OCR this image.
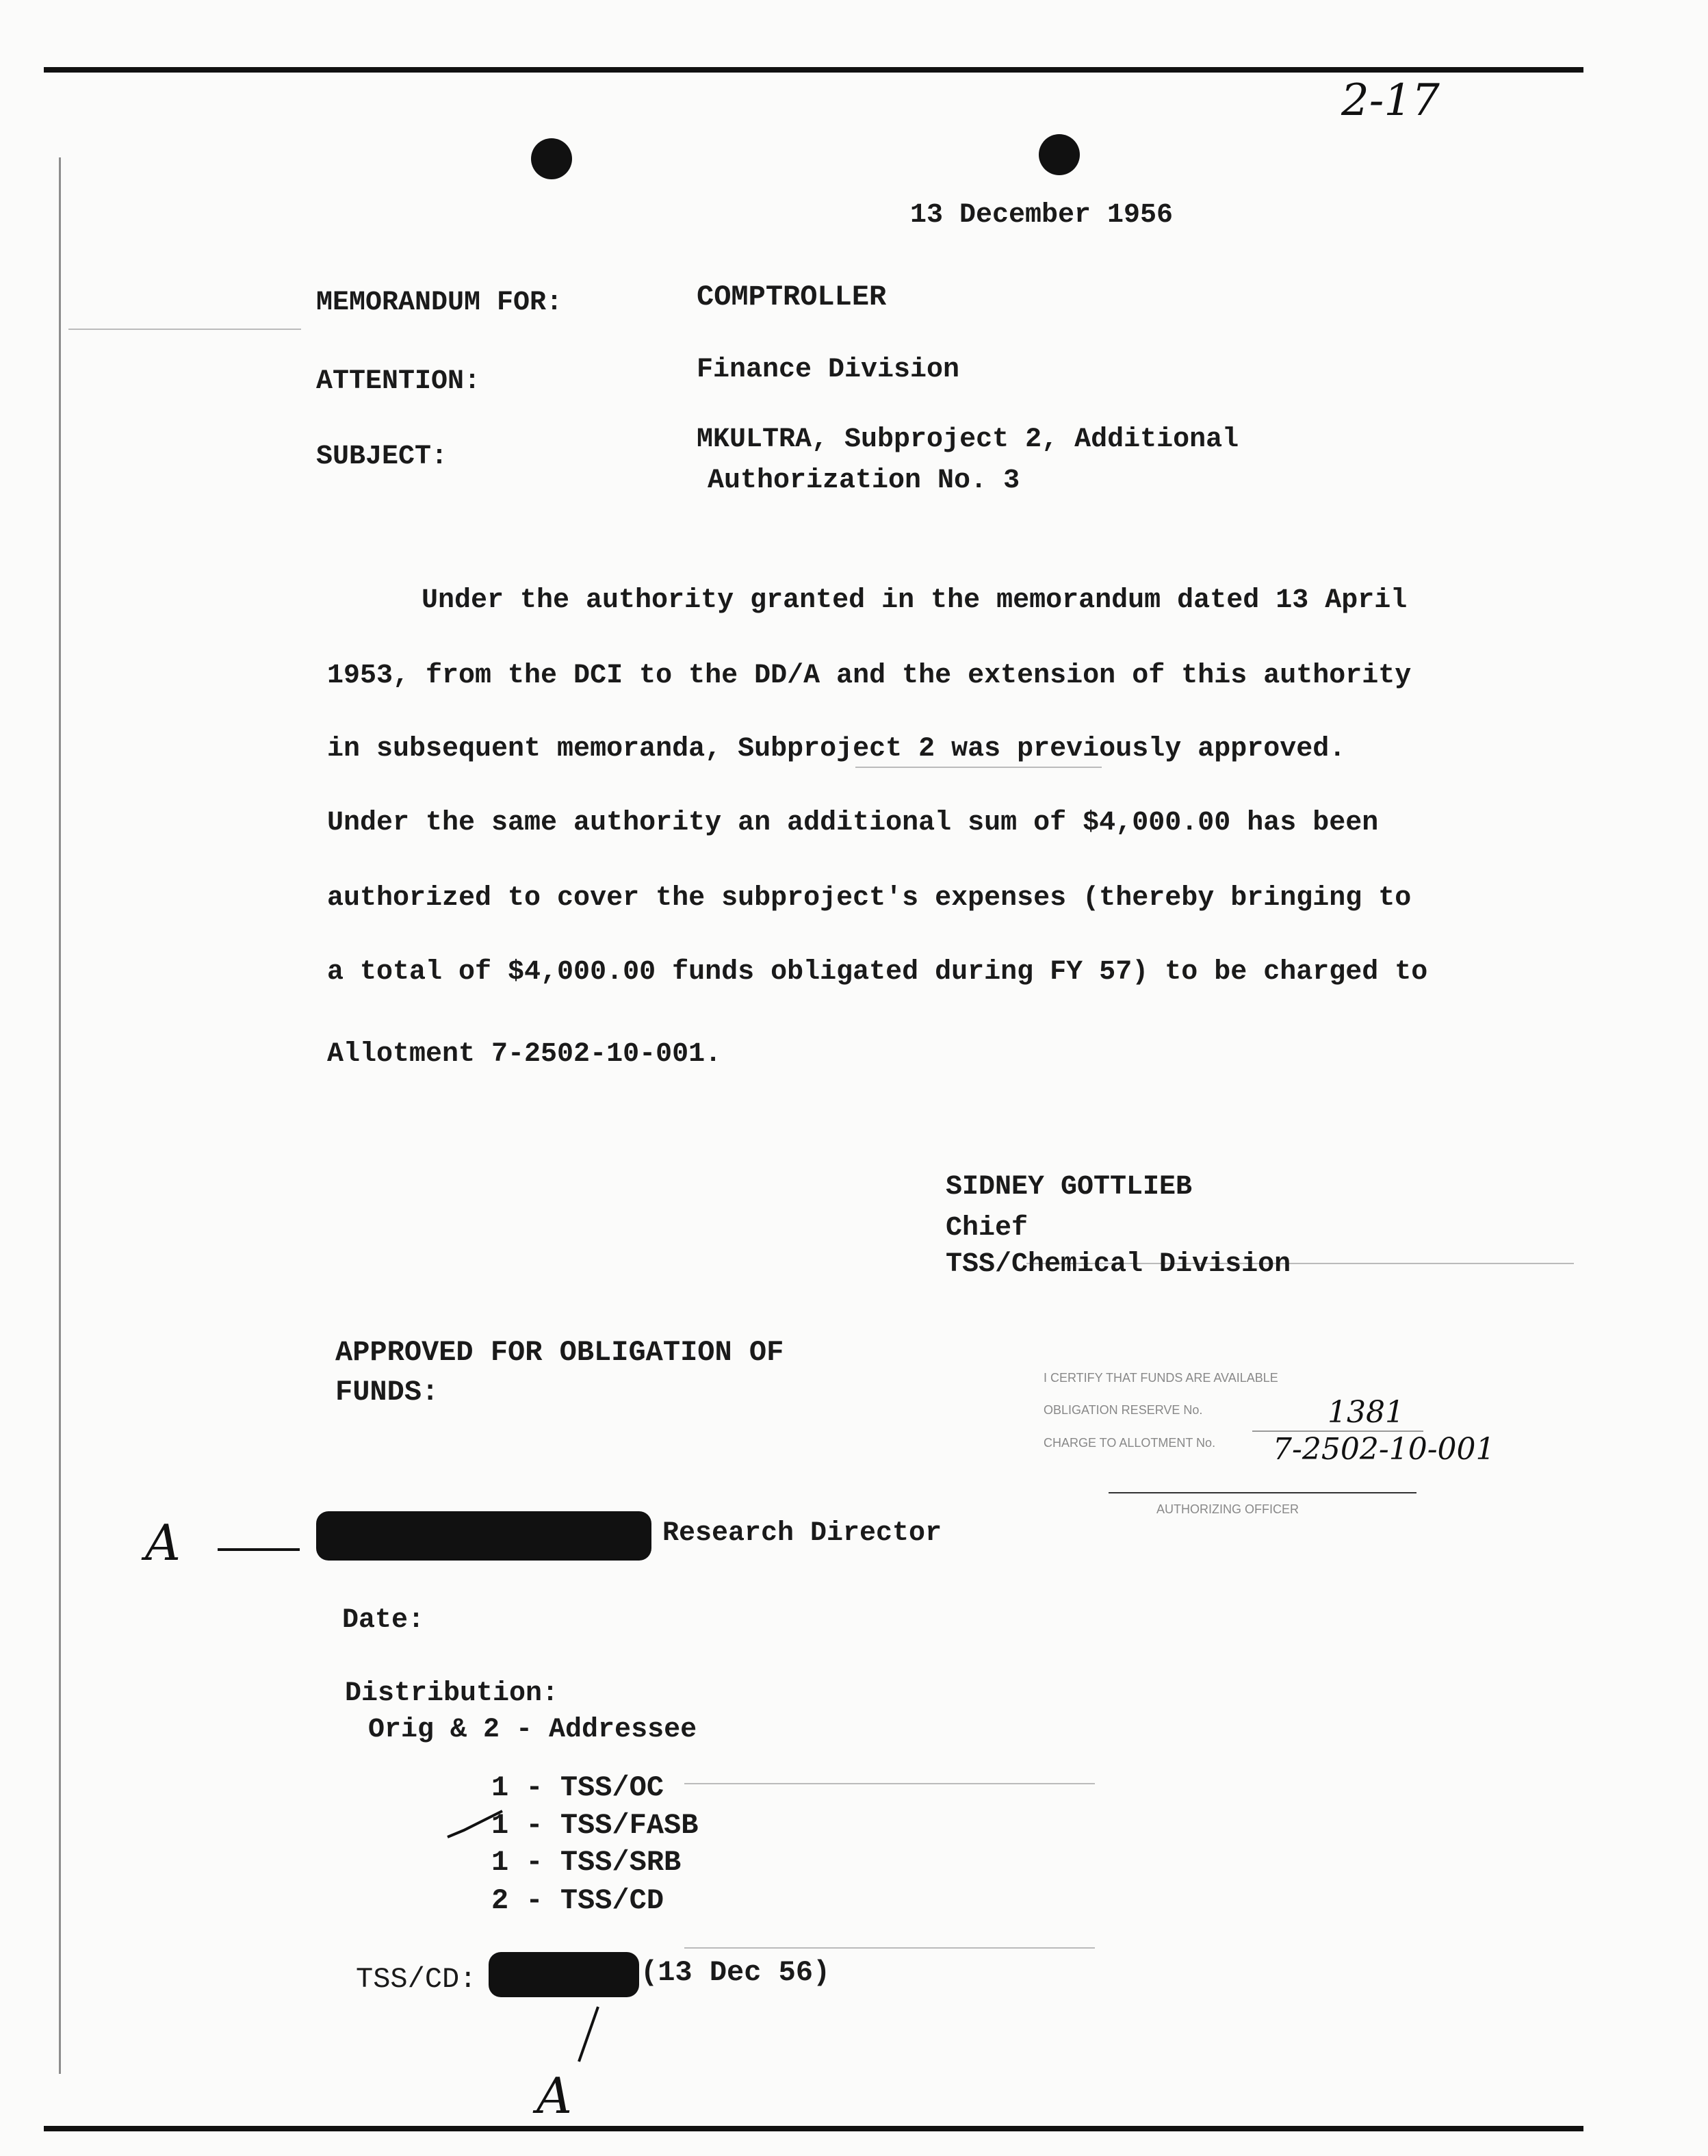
2-17
13 December 1956
MEMORANDUM FOR:	COMPTROLLER
ATTENTION:	Finance Division
SUBJECT:
MKULTRA, Subproject 2, Additional
Authorization No. 3
Under the authority granted in the memorandum dated 13 April
1953, from the DCI to the DD/A and the extension of this authority
in subsequent memoranda, Subproject 2 was previously approved.
Under the same authority an additional sum of $4,000.00 has been
authorized to cover the subproject's expenses (thereby bringing to
a total of $4,000.00 funds obligated during FY 57) to be charged to
Allotment 7-2502-10-001.
SIDNEY GOTTLIEB
Chief
TSS/Chemical Division
APPROVED FOR OBLIGATION OF
FUNDS:	I CERTIFY THAT FUNDS ARE AVAILABLE
OBLIGATION RESERVE No.	1381
CHARGE TO ALLOTMENT No. 7-2502-10-001
AUTHORIZING OFFICER
A	Research Director
Date:
Distribution:
Orig & 2 - Addressee
1 - TSS/OC
1 - TSS/FASB
1 - TSS/SRB
2 - TSS/CD
TSS/CD:	(13 Dec 56)
A
